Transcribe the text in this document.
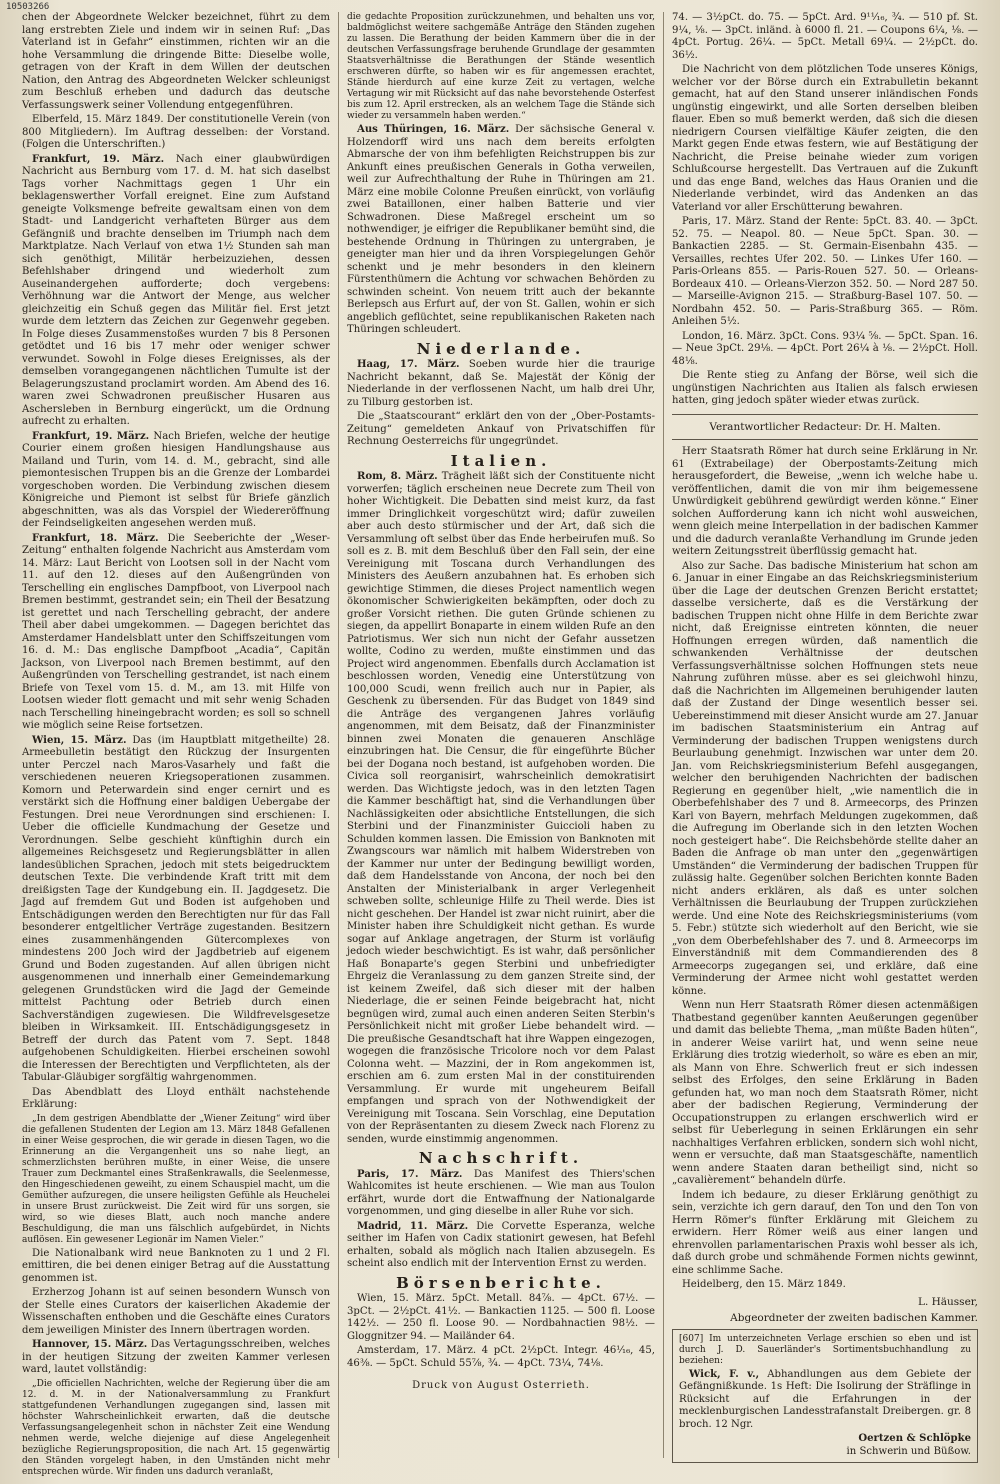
10503266

chen der Abgeordnete Welcker bezeichnet, führt zu dem lang erstrebten Ziele und indem wir in seinen Ruf: „Das Vaterland ist in Gefahr“ einstimmen, richten wir an die hohe Versammlung die dringende Bitte: Dieselbe wolle, getragen von der Kraft in dem Willen der deutschen Nation, den Antrag des Abgeordneten Welcker schleunigst zum Beschluß erheben und dadurch das deutsche Verfassungswerk seiner Vollendung entgegenführen.

Elberfeld, 15. März 1849. Der constitutionelle Verein (von 800 Mitgliedern). Im Auftrag desselben: der Vorstand. (Folgen die Unterschriften.)

Frankfurt, 19. März. Nach einer glaubwürdigen Nachricht aus Bernburg vom 17. d. M. hat sich daselbst Tags vorher Nachmittags gegen 1 Uhr ein beklagenswerther Vorfall ereignet. Eine zum Aufstand geneigte Volksmenge befreite gewaltsam einen von dem Stadt- und Landgericht verhafteten Bürger aus dem Gefängniß und brachte denselben im Triumph nach dem Marktplatze. Nach Verlauf von etwa 1½ Stunden sah man sich genöthigt, Militär herbeizuziehen, dessen Befehlshaber dringend und wiederholt zum Auseinandergehen aufforderte; doch vergebens: Verhöhnung war die Antwort der Menge, aus welcher gleichzeitig ein Schuß gegen das Militär fiel. Erst jetzt wurde dem letztern das Zeichen zur Gegenwehr gegeben. In Folge dieses Zusammenstoßes wurden 7 bis 8 Personen getödtet und 16 bis 17 mehr oder weniger schwer verwundet. Sowohl in Folge dieses Ereignisses, als der demselben vorangegangenen nächtlichen Tumulte ist der Belagerungszustand proclamirt worden. Am Abend des 16. waren zwei Schwadronen preußischer Husaren aus Aschersleben in Bernburg eingerückt, um die Ordnung aufrecht zu erhalten.

Frankfurt, 19. März. Nach Briefen, welche der heutige Courier einem großen hiesigen Handlungshause aus Mailand und Turin, vom 14. d. M., gebracht, sind alle piemontesischen Truppen bis an die Grenze der Lombardei vorgeschoben worden. Die Verbindung zwischen diesem Königreiche und Piemont ist selbst für Briefe gänzlich abgeschnitten, was als das Vorspiel der Wiedereröffnung der Feindseligkeiten angesehen werden muß.

Frankfurt, 18. März. Die Seeberichte der „Weser-Zeitung“ enthalten folgende Nachricht aus Amsterdam vom 14. März: Laut Bericht von Lootsen soll in der Nacht vom 11. auf den 12. dieses auf den Außengründen von Terschelling ein englisches Dampfboot, von Liverpool nach Bremen bestimmt, gestrandet sein; ein Theil der Besatzung ist gerettet und nach Terschelling gebracht, der andere Theil aber dabei umgekommen. — Dagegen berichtet das Amsterdamer Handelsblatt unter den Schiffszeitungen vom 16. d. M.: Das englische Dampfboot „Acadia“, Capitän Jackson, von Liverpool nach Bremen bestimmt, auf den Außengründen von Terschelling gestrandet, ist nach einem Briefe von Texel vom 15. d. M., am 13. mit Hilfe von Lootsen wieder flott gemacht und mit sehr wenig Schaden nach Terschelling hineingebracht worden; es soll so schnell wie möglich seine Reise fortsetzen.

Wien, 15. März. Das (im Hauptblatt mitgetheilte) 28. Armeebulletin bestätigt den Rückzug der Insurgenten unter Perczel nach Maros-Vasarhely und faßt die verschiedenen neueren Kriegsoperationen zusammen. Komorn und Peterwardein sind enger cernirt und es verstärkt sich die Hoffnung einer baldigen Uebergabe der Festungen. Drei neue Verordnungen sind erschienen: I. Ueber die officielle Kundmachung der Gesetze und Verordnungen. Selbe geschieht künftighin durch ein allgemeines Reichsgesetz und Regierungsblätter in allen landesüblichen Sprachen, jedoch mit stets beigedrucktem deutschen Texte. Die verbindende Kraft tritt mit dem dreißigsten Tage der Kundgebung ein. II. Jagdgesetz. Die Jagd auf fremdem Gut und Boden ist aufgehoben und Entschädigungen werden den Berechtigten nur für das Fall besonderer entgeltlicher Verträge zugestanden. Besitzern eines zusammenhängenden Gütercomplexes von mindestens 200 Joch wird der Jagdbetrieb auf eigenem Grund und Boden zugestanden. Auf allen übrigen nicht ausgenommenen und innerhalb einer Gemeindemarkung gelegenen Grundstücken wird die Jagd der Gemeinde mittelst Pachtung oder Betrieb durch einen Sachverständigen zugewiesen. Die Wildfrevelsgesetze bleiben in Wirksamkeit. III. Entschädigungsgesetz in Betreff der durch das Patent vom 7. Sept. 1848 aufgehobenen Schuldigkeiten. Hierbei erscheinen sowohl die Interessen der Berechtigten und Verpflichteten, als der Tabular-Gläubiger sorgfältig wahrgenommen.

Das Abendblatt des Lloyd enthält nachstehende Erklärung:

„In dem gestrigen Abendblatte der „Wiener Zeitung“ wird über die gefallenen Studenten der Legion am 13. März 1848 Gefallenen in einer Weise gesprochen, die wir gerade in diesen Tagen, wo die Erinnerung an die Vergangenheit uns so nahe liegt, an schmerzlichsten berühren mußte, in einer Weise, die unsere Trauer zum Deckmantel eines Straßenkrawalls, die Seelenmesse, den Hingeschiedenen geweiht, zu einem Schauspiel macht, um die Gemüther aufzuregen, die unsere heiligsten Gefühle als Heuchelei in unsere Brust zurückweist. Die Zeit wird für uns sorgen, sie wird, so wie dieses Blatt, auch noch manche andere Beschuldigung, die man uns fälschlich aufgebürdet, in Nichts auflösen. Ein gewesener Legionär im Namen Vieler.“

Die Nationalbank wird neue Banknoten zu 1 und 2 Fl. emittiren, die bei denen einiger Betrag auf die Ausstattung genommen ist.

Erzherzog Johann ist auf seinen besondern Wunsch von der Stelle eines Curators der kaiserlichen Akademie der Wissenschaften enthoben und die Geschäfte eines Curators dem jeweiligen Minister des Innern übertragen worden.

Hannover, 15. März. Das Vertagungsschreiben, welches in der heutigen Sitzung der zweiten Kammer verlesen ward, lautet vollständig:

„Die officiellen Nachrichten, welche der Regierung über die am 12. d. M. in der Nationalversammlung zu Frankfurt stattgefundenen Verhandlungen zugegangen sind, lassen mit höchster Wahrscheinlichkeit erwarten, daß die deutsche Verfassungsangelegenheit schon in nächster Zeit eine Wendung nehmen werde, welche diejenige auf diese Angelegenheit bezügliche Regierungsproposition, die nach Art. 15 gegenwärtig den Ständen vorgelegt haben, in den Umständen nicht mehr entsprechen würde. Wir finden uns dadurch veranlaßt,

die gedachte Proposition zurückzunehmen, und behalten uns vor, baldmöglichst weitere sachgemäße Anträge den Ständen zugehen zu lassen. Die Berathung der beiden Kammern über die in der deutschen Verfassungsfrage beruhende Grundlage der gesammten Staatsverhältnisse die Berathungen der Stände wesentlich erschweren dürfte, so haben wir es für angemessen erachtet, Stände hierdurch auf eine kurze Zeit zu vertagen, welche Vertagung wir mit Rücksicht auf das nahe bevorstehende Osterfest bis zum 12. April erstrecken, als an welchem Tage die Stände sich wieder zu versammeln haben werden.“

Aus Thüringen, 16. März. Der sächsische General v. Holzendorff wird uns nach dem bereits erfolgten Abmarsche der von ihm befehligten Reichstruppen bis zur Ankunft eines preußischen Generals in Gotha verweilen, weil zur Aufrechthaltung der Ruhe in Thüringen am 21. März eine mobile Colonne Preußen einrückt, von vorläufig zwei Bataillonen, einer halben Batterie und vier Schwadronen. Diese Maßregel erscheint um so nothwendiger, je eifriger die Republikaner bemüht sind, die bestehende Ordnung in Thüringen zu untergraben, je geneigter man hier und da ihren Vorspiegelungen Gehör schenkt und je mehr besonders in den kleinern Fürstenthümern die Achtung vor schwachen Behörden zu schwinden scheint. Von neuem tritt auch der bekannte Berlepsch aus Erfurt auf, der von St. Gallen, wohin er sich angeblich geflüchtet, seine republikanischen Raketen nach Thüringen schleudert.

Niederlande.

Haag, 17. März. Soeben wurde hier die traurige Nachricht bekannt, daß Se. Majestät der König der Niederlande in der verflossenen Nacht, um halb drei Uhr, zu Tilburg gestorben ist.

Die „Staatscourant“ erklärt den von der „Ober-Postamts-Zeitung“ gemeldeten Ankauf von Privatschiffen für Rechnung Oesterreichs für ungegründet.

Italien.

Rom, 8. März. Trägheit läßt sich der Constituente nicht vorwerfen; täglich erscheinen neue Decrete zum Theil von hoher Wichtigkeit. Die Debatten sind meist kurz, da fast immer Dringlichkeit vorgeschützt wird; dafür zuweilen aber auch desto stürmischer und der Art, daß sich die Versammlung oft selbst über das Ende herbeirufen muß. So soll es z. B. mit dem Beschluß über den Fall sein, der eine Vereinigung mit Toscana durch Verhandlungen des Ministers des Aeußern anzubahnen hat. Es erhoben sich gewichtige Stimmen, die dieses Project namentlich wegen ökonomischer Schwierigkeiten bekämpften, oder doch zu großer Vorsicht riethen. Die guten Gründe schienen zu siegen, da appellirt Bonaparte in einem wilden Rufe an den Patriotismus. Wer sich nun nicht der Gefahr aussetzen wollte, Codino zu werden, mußte einstimmen und das Project wird angenommen. Ebenfalls durch Acclamation ist beschlossen worden, Venedig eine Unterstützung von 100,000 Scudi, wenn freilich auch nur in Papier, als Geschenk zu übersenden. Für das Budget von 1849 sind die Anträge des vergangenen Jahres vorläufig angenommen, mit dem Beisatz, daß der Finanzminister binnen zwei Monaten die genaueren Anschläge einzubringen hat. Die Censur, die für eingeführte Bücher bei der Dogana noch bestand, ist aufgehoben worden. Die Civica soll reorganisirt, wahrscheinlich demokratisirt werden. Das Wichtigste jedoch, was in den letzten Tagen die Kammer beschäftigt hat, sind die Verhandlungen über Nachlässigkeiten oder absichtliche Entstellungen, die sich Sterbini und der Finanzminister Guiccioli haben zu Schulden kommen lassen. Die Emission von Banknoten mit Zwangscours war nämlich mit halbem Widerstreben von der Kammer nur unter der Bedingung bewilligt worden, daß dem Handelsstande von Ancona, der noch bei den Anstalten der Ministerialbank in arger Verlegenheit schweben sollte, schleunige Hilfe zu Theil werde. Dies ist nicht geschehen. Der Handel ist zwar nicht ruinirt, aber die Minister haben ihre Schuldigkeit nicht gethan. Es wurde sogar auf Anklage angetragen, der Sturm ist vorläufig jedoch wieder beschwichtigt. Es ist wahr, daß persönlicher Haß Bonaparte's gegen Sterbini und unbefriedigter Ehrgeiz die Veranlassung zu dem ganzen Streite sind, der ist keinem Zweifel, daß sich dieser mit der halben Niederlage, die er seinen Feinde beigebracht hat, nicht begnügen wird, zumal auch einen anderen Seiten Sterbin's Persönlichkeit nicht mit großer Liebe behandelt wird. — Die preußische Gesandtschaft hat ihre Wappen eingezogen, wogegen die französische Tricolore noch vor dem Palast Colonna weht. — Mazzini, der in Rom angekommen ist, erschien am 6. zum ersten Mal in der constituirenden Versammlung. Er wurde mit ungeheurem Beifall empfangen und sprach von der Nothwendigkeit der Vereinigung mit Toscana. Sein Vorschlag, eine Deputation von der Repräsentanten zu diesem Zweck nach Florenz zu senden, wurde einstimmig angenommen.

Nachschrift.

Paris, 17. März. Das Manifest des Thiers'schen Wahlcomites ist heute erschienen. — Wie man aus Toulon erfährt, wurde dort die Entwaffnung der Nationalgarde vorgenommen, und ging dieselbe in aller Ruhe vor sich.

Madrid, 11. März. Die Corvette Esperanza, welche seither im Hafen von Cadix stationirt gewesen, hat Befehl erhalten, sobald als möglich nach Italien abzusegeln. Es scheint also endlich mit der Intervention Ernst zu werden.

Börsenberichte.

Wien, 15. März. 5pCt. Metall. 84⅞. — 4pCt. 67½. — 3pCt. — 2½pCt. 41½. — Bankactien 1125. — 500 fl. Loose 142½. — 250 fl. Loose 90. — Nordbahnactien 98½. — Gloggnitzer 94. — Mailänder 64.

Amsterdam, 17. März. 4 pCt. 2½pCt. Integr. 46¹⁄₁₆, 45, 46⅜. — 5pCt. Schuld 55⅞, ¾. — 4pCt. 73¼, 74⅛.

Druck von August Osterrieth.

74. — 3½pCt. do. 75. — 5pCt. Ard. 9¹¹⁄₁₆, ¾. — 510 pf. St. 9¼, ⅛. — 3pCt. inländ. à 6000 fl. 21. — Coupons 6¼, ⅛. — 4pCt. Portug. 26¼. — 5pCt. Metall 69¼. — 2½pCt. do. 36½.

Die Nachricht von dem plötzlichen Tode unseres Königs, welcher vor der Börse durch ein Extrabulletin bekannt gemacht, hat auf den Stand unserer inländischen Fonds ungünstig eingewirkt, und alle Sorten derselben bleiben flauer. Eben so muß bemerkt werden, daß sich die diesen niedrigern Coursen vielfältige Käufer zeigten, die den Markt gegen Ende etwas festern, wie auf Bestätigung der Nachricht, die Preise beinahe wieder zum vorigen Schlußcourse hergestellt. Das Vertrauen auf die Zukunft und das enge Band, welches das Haus Oranien und die Niederlande verbindet, wird das Andenken an das Vaterland vor aller Erschütterung bewahren.

Paris, 17. März. Stand der Rente: 5pCt. 83. 40. — 3pCt. 52. 75. — Neapol. 80. — Neue 5pCt. Span. 30. — Bankactien 2285. — St. Germain-Eisenbahn 435. — Versailles, rechtes Ufer 202. 50. — Linkes Ufer 160. — Paris-Orleans 855. — Paris-Rouen 527. 50. — Orleans-Bordeaux 410. — Orleans-Vierzon 352. 50. — Nord 287 50. — Marseille-Avignon 215. — Straßburg-Basel 107. 50. — Nordbahn 452. 50. — Paris-Straßburg 365. — Röm. Anleihen 5½.

London, 16. März. 3pCt. Cons. 93¼ ⅝. — 5pCt. Span. 16. — Neue 3pCt. 29⅛. — 4pCt. Port 26¼ à ⅛. — 2½pCt. Holl. 48⅛.

Die Rente stieg zu Anfang der Börse, weil sich die ungünstigen Nachrichten aus Italien als falsch erwiesen hatten, ging jedoch später wieder etwas zurück.

Verantwortlicher Redacteur: Dr. H. Malten.

Herr Staatsrath Römer hat durch seine Erklärung in Nr. 61 (Extrabeilage) der Oberpostamts-Zeitung mich herausgefordert, die Beweise, „wenn ich welche habe u. veröffentlichen, damit die von mir ihm beigemessene Unwürdigkeit gebührend gewürdigt werden könne.“ Einer solchen Aufforderung kann ich nicht wohl ausweichen, wenn gleich meine Interpellation in der badischen Kammer und die dadurch veranlaßte Verhandlung im Grunde jeden weitern Zeitungsstreit überflüssig gemacht hat.

Also zur Sache. Das badische Ministerium hat schon am 6. Januar in einer Eingabe an das Reichskriegsministerium über die Lage der deutschen Grenzen Bericht erstattet; dasselbe versicherte, daß es die Verstärkung der badischen Truppen nicht ohne Hilfe in dem Berichte zwar nicht, daß Ereignisse eintreten könnten, die neuer Hoffnungen erregen würden, daß namentlich die schwankenden Verhältnisse der deutschen Verfassungsverhältnisse solchen Hoffnungen stets neue Nahrung zuführen müsse. aber es sei gleichwohl hinzu, daß die Nachrichten im Allgemeinen beruhigender lauten daß der Zustand der Dinge wesentlich besser sei. Uebereinstimmend mit dieser Ansicht wurde am 27. Januar im badischen Staatsministerium ein Antrag auf Verminderung der badischen Truppen wenigstens durch Beurlaubung genehmigt. Inzwischen war unter dem 20. Jan. vom Reichskriegsministerium Befehl ausgegangen, welcher den beruhigenden Nachrichten der badischen Regierung en gegenüber hielt, „wie namentlich die in Oberbefehlshaber des 7 und 8. Armeecorps, des Prinzen Karl von Bayern, mehrfach Meldungen zugekommen, daß die Aufregung im Oberlande sich in den letzten Wochen noch gesteigert habe“. Die Reichsbehörde stellte daher an Baden die Anfrage ob man unter den „gegenwärtigen Umständen“ die Verminderung der badischen Truppen für zulässig halte. Gegenüber solchen Berichten konnte Baden nicht anders erklären, als daß es unter solchen Verhältnissen die Beurlaubung der Truppen zurückziehen werde. Und eine Note des Reichskriegsministeriums (vom 5. Febr.) stützte sich wiederholt auf den Bericht, wie sie „von dem Oberbefehlshaber des 7. und 8. Armeecorps im Einverständniß mit dem Commandierenden des 8 Armeecorps zugegangen sei, und erkläre, daß eine Verminderung der Armee nicht wohl gestattet werden könne.

Wenn nun Herr Staatsrath Römer diesen actenmäßigen Thatbestand gegenüber kannten Aeußerungen gegenüber und damit das beliebte Thema, „man müßte Baden hüten“, in anderer Weise variirt hat, und wenn seine neue Erklärung dies trotzig wiederholt, so wäre es eben an mir, als Mann von Ehre. Schwerlich freut er sich indessen selbst des Erfolges, den seine Erklärung in Baden gefunden hat, wo man noch dem Staatsrath Römer, nicht aber der badischen Regierung, Verminderung der Occupationstruppen zu erlangen erschwerlich wird er selbst für Ueberlegung in seinen Erklärungen ein sehr nachhaltiges Verfahren erblicken, sondern sich wohl nicht, wenn er versuchte, daß man Staatsgeschäfte, namentlich wenn andere Staaten daran betheiligt sind, nicht so „cavalièrement“ behandeln dürfe.

Indem ich bedaure, zu dieser Erklärung genöthigt zu sein, verzichte ich gern darauf, den Ton und den Ton von Herrn Römer's fünfter Erklärung mit Gleichem zu erwidern. Herr Römer weiß aus einer langen und ehrenvollen parlamentarischen Praxis wohl besser als ich, daß durch grobe und schmähende Formen nichts gewinnt, eine schlimme Sache.

Heidelberg, den 15. März 1849.

L. Häusser,
Abgeordneter der zweiten badischen Kammer.

[607] Im unterzeichneten Verlage erschien so eben und ist durch J. D. Sauerländer's Sortimentsbuchhandlung zu beziehen:

Wick, F. v., Abhandlungen aus dem Gebiete der Gefängnißkunde. 1s Heft: Die Isolirung der Sträflinge in Rücksicht auf die Erfahrungen in der mecklenburgischen Landesstrafanstalt Dreibergen. gr. 8 broch. 12 Ngr.

Oertzen & Schlöpke
in Schwerin und Büßow.
